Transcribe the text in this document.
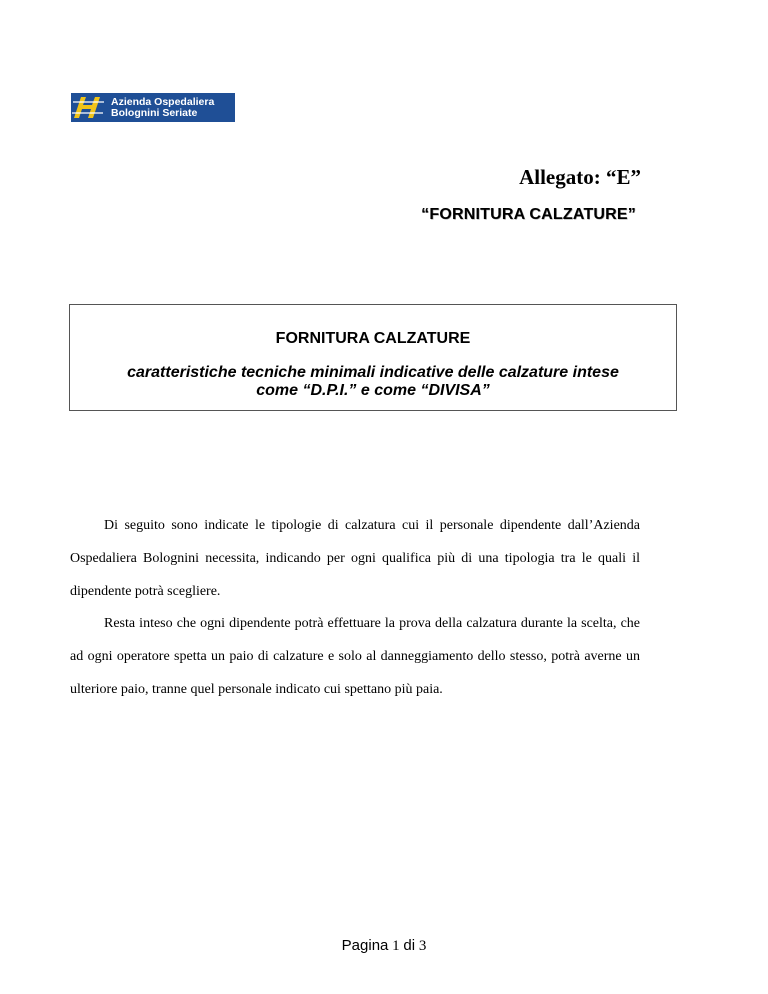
Azienda Ospedaliera
Bolognini Seriate
Allegato: “E”
“FORNITURA CALZATURE”
FORNITURA CALZATURE
caratteristiche tecniche minimali indicative delle calzature intese
come “D.P.I.” e come “DIVISA”
Di seguito sono indicate le tipologie di calzatura cui il personale dipendente dall’Azienda Ospedaliera Bolognini necessita, indicando per ogni qualifica più di una tipologia tra le quali il dipendente potrà scegliere.
Resta inteso che ogni dipendente potrà effettuare la prova della calzatura durante la scelta, che ad ogni operatore spetta un paio di calzature e solo al danneggiamento dello stesso, potrà averne un ulteriore paio, tranne quel personale indicato cui spettano più paia.
Pagina 1 di 3
